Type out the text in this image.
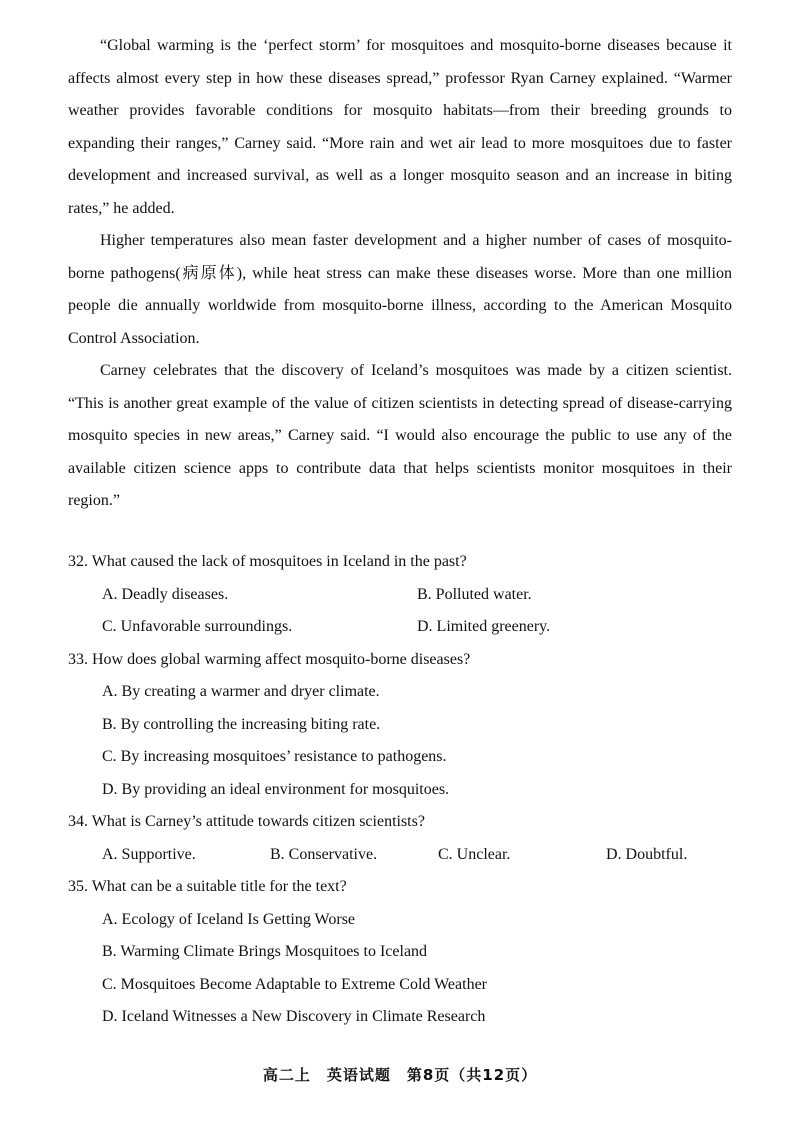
“Global warming is the ‘perfect storm’ for mosquitoes and mosquito-borne diseases because it affects almost every step in how these diseases spread,” professor Ryan Carney explained. “Warmer weather provides favorable conditions for mosquito habitats—from their breeding grounds to expanding their ranges,” Carney said. “More rain and wet air lead to more mosquitoes due to faster development and increased survival, as well as a longer mosquito season and an increase in biting rates,” he added.

Higher temperatures also mean faster development and a higher number of cases of mosquito-borne pathogens(病原体), while heat stress can make these diseases worse. More than one million people die annually worldwide from mosquito-borne illness, according to the American Mosquito Control Association.

Carney celebrates that the discovery of Iceland’s mosquitoes was made by a citizen scientist. “This is another great example of the value of citizen scientists in detecting spread of disease-carrying mosquito species in new areas,” Carney said. “I would also encourage the public to use any of the available citizen science apps to contribute data that helps scientists monitor mosquitoes in their region.”

32. What caused the lack of mosquitoes in Iceland in the past?

A. Deadly diseases.	B. Polluted water.
C. Unfavorable surroundings.	D. Limited greenery.

33. How does global warming affect mosquito-borne diseases?

A. By creating a warmer and dryer climate.

B. By controlling the increasing biting rate.

C. By increasing mosquitoes’ resistance to pathogens.

D. By providing an ideal environment for mosquitoes.

34. What is Carney’s attitude towards citizen scientists?

A. Supportive.	B. Conservative.	C. Unclear.	D. Doubtful.

35. What can be a suitable title for the text?

A. Ecology of Iceland Is Getting Worse

B. Warming Climate Brings Mosquitoes to Iceland

C. Mosquitoes Become Adaptable to Extreme Cold Weather

D. Iceland Witnesses a New Discovery in Climate Research

高二上　英语试题　第8页（共12页）
